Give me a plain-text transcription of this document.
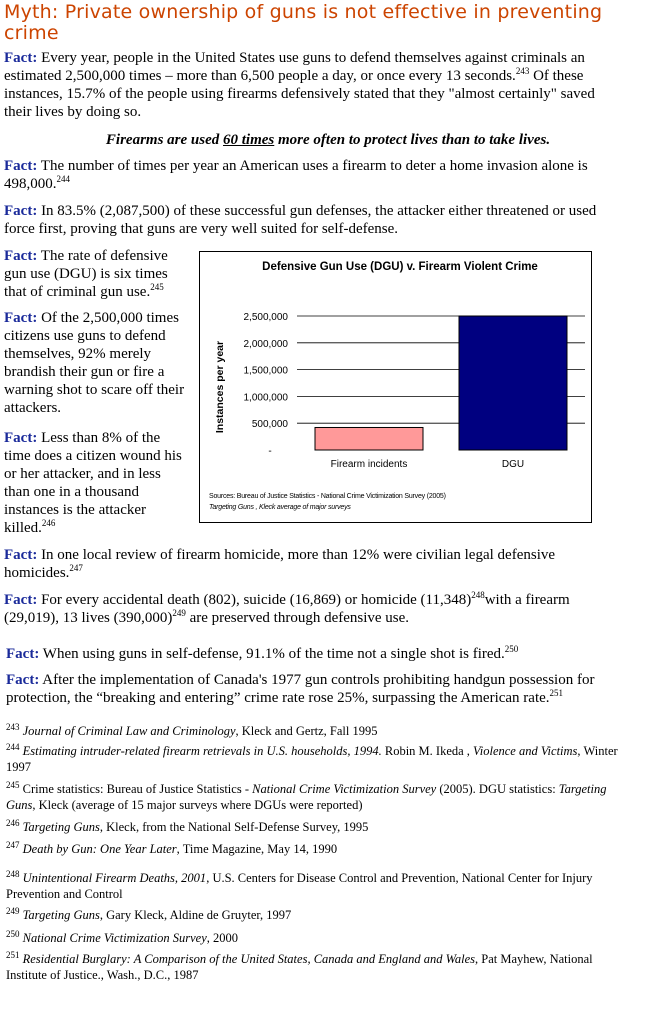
Myth: Private ownership of guns is not effective in preventing crime

Fact: Every year, people in the United States use guns to defend themselves against criminals an estimated 2,500,000 times – more than 6,500 people a day, or once every 13 seconds.$^{243}$ Of these instances, 15.7% of the people using firearms defensively stated that they "almost certainly" saved their lives by doing so.

Firearms are used 60 times more often to protect lives than to take lives.

Fact: The number of times per year an American uses a firearm to deter a home invasion alone is 498,000.$^{244}$

Fact: In 83.5% (2,087,500) of these successful gun defenses, the attacker either threatened or used force first, proving that guns are very well suited for self-defense.

Fact: The rate of defensive gun use (DGU) is six times that of criminal gun use.$^{245}$

Fact: Of the 2,500,000 times citizens use guns to defend themselves, 92% merely brandish their gun or fire a warning shot to scare off their attackers.

Fact: Less than 8% of the time does a citizen wound his or her attacker, and in less than one in a thousand instances is the attacker killed.$^{246}$

Defensive Gun Use (DGU) v. Firearm Violent Crime
Instances per year	500,000
1,000,000
1,500,000
2,000,000
2,500,000
-
Firearm incidents	DGU
Sources: Bureau of Justice Statistics - National Crime Victimization Survey (2005)
Targeting Guns , Kleck average of major surveys

Fact: In one local review of firearm homicide, more than 12% were civilian legal defensive homicides.$^{247}$

Fact: For every accidental death (802), suicide (16,869) or homicide $(11,348)^{248}with$ a firearm (29,019), 13 lives $(390,000)^{249}$ are preserved through defensive use.

Fact: When using guns in self-defense, 91.1% of the time not a single shot is fired.$^{250}$

Fact: After the implementation of Canada's 1977 gun controls prohibiting handgun possession for protection, the “breaking and entering” crime rate rose 25%, surpassing the American rate.$^{251}$

$^{243}$ Journal of Criminal Law and Criminology, Kleck and Gertz, Fall 1995
$^{244}$ Estimating intruder-related firearm retrievals in U.S. households, 1994. Robin M. Ikeda , Violence and Victims, Winter 1997
$^{245}$ Crime statistics: Bureau of Justice Statistics - National Crime Victimization Survey (2005). DGU statistics: Targeting Guns, Kleck (average of 15 major surveys where DGUs were reported)
$^{246}$ Targeting Guns, Kleck, from the National Self-Defense Survey, 1995
$^{247}$ Death by Gun: One Year Later, Time Magazine, May 14, 1990
$^{248}$ Unintentional Firearm Deaths, 2001, U.S. Centers for Disease Control and Prevention, National Center for Injury Prevention and Control
$^{249}$ Targeting Guns, Gary Kleck, Aldine de Gruyter, 1997
$^{250}$ National Crime Victimization Survey, 2000
$^{251}$ Residential Burglary: A Comparison of the United States, Canada and England and Wales, Pat Mayhew, National Institute of Justice., Wash., D.C., 1987
